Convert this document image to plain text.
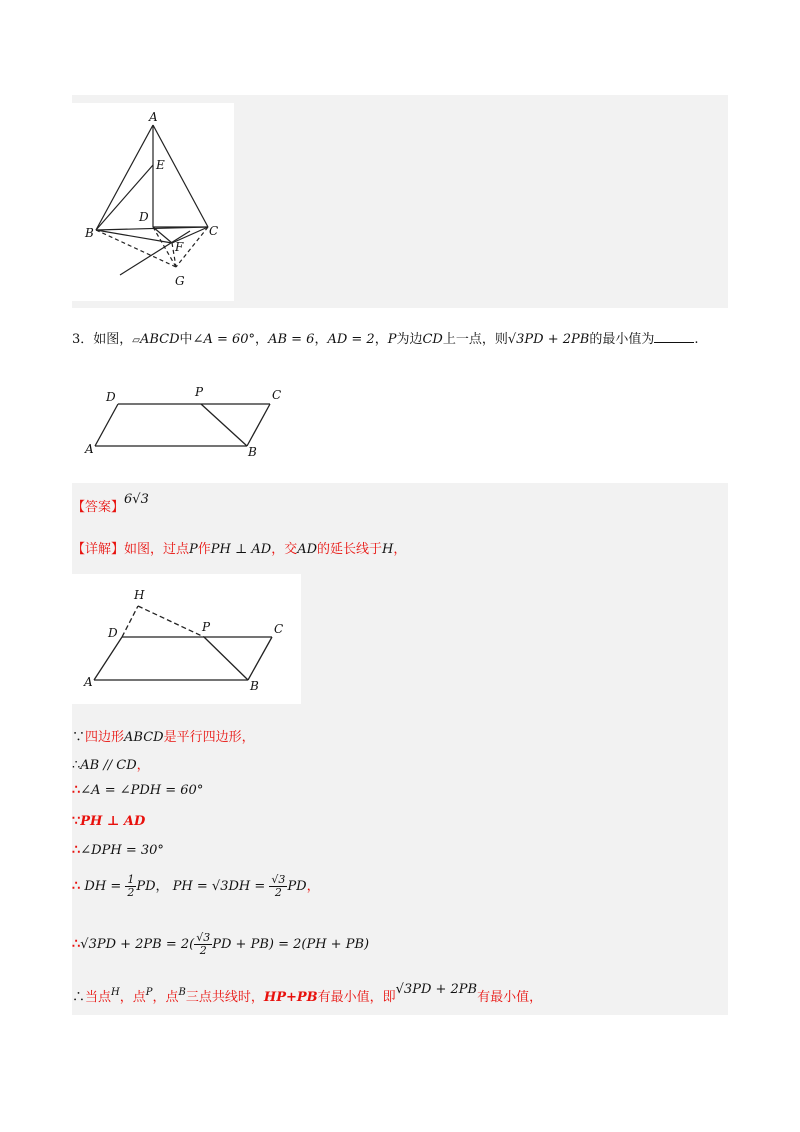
A
E
D
B	C
F
G
3．如图，▱ABCD中∠A = 60°，AB = 6，AD = 2，P为边CD上一点，则√3PD + 2PB的最小值为	.
D	P	C
A	B
【答案】6√3
【详解】如图，过点P作PH ⊥ AD，交AD的延长线于H，
H
D	P	C
A	B
∵四边形ABCD是平行四边形，
∴AB // CD，
∴∠A = ∠PDH = 60°
∵PH ⊥ AD
∴∠DPH = 30°
∴ DH = $\frac{1}{2}$ PD， PH = $√3DH = \frac{√3}{2}$ PD，
∴√3PD + $2PB = 2( \frac{√3}{2}$ PD + PB) = 2(PH + PB)
∴当点$^H$，点$^P$，点$^B$三点共线时，HP+PB有最小值，即√3PD + 2PB有最小值，
